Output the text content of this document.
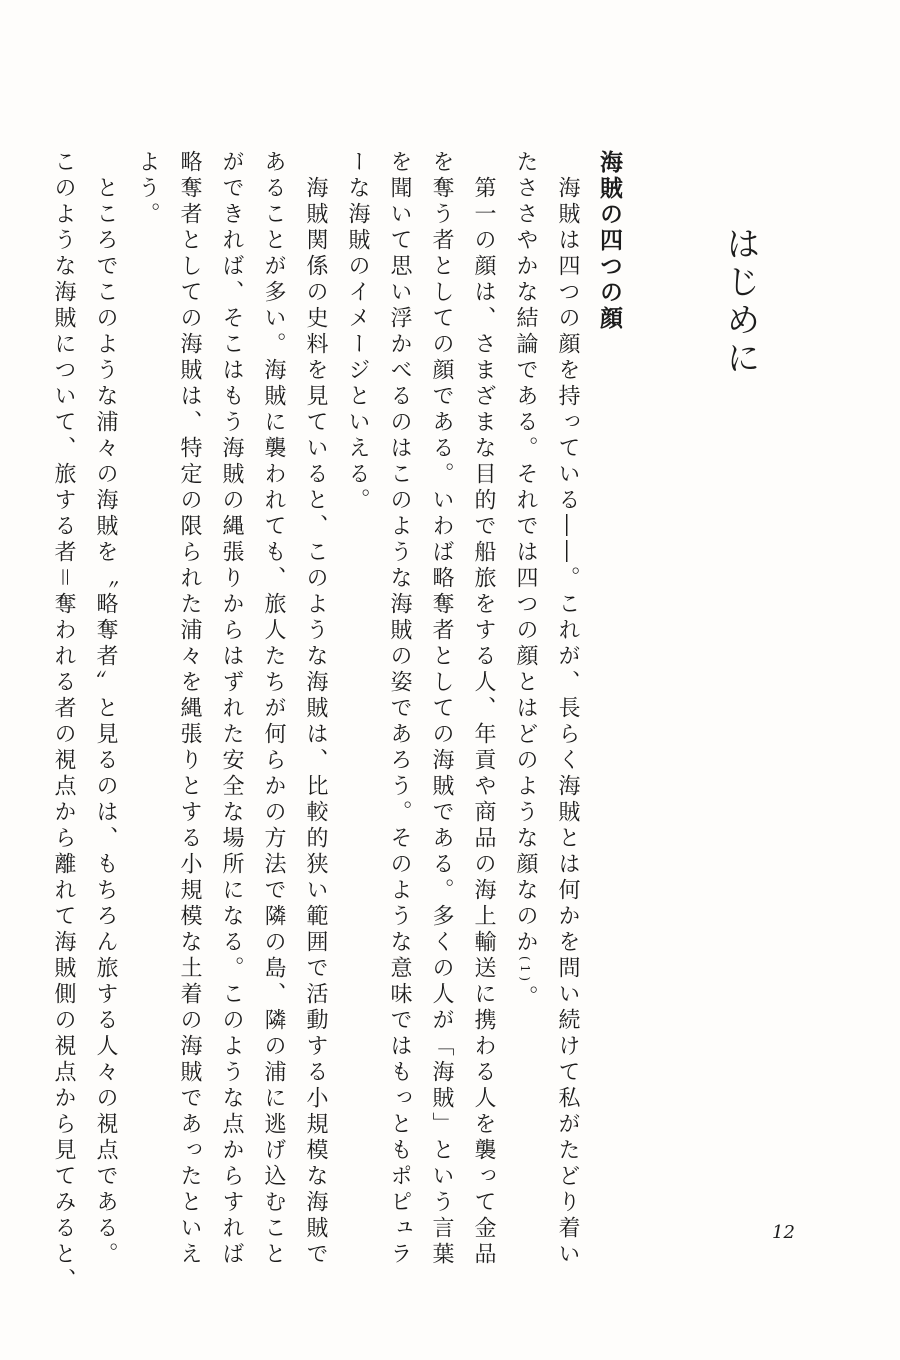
はじめに
海賊の四つの顔
　海賊は四つの顔を持っている――。これが、長らく海賊とは何かを問い続けて私がたどり着い
たささやかな結論である。それでは四つの顔とはどのような顔なのか(1)。
　第一の顔は、さまざまな目的で船旅をする人、年貢や商品の海上輸送に携わる人を襲って金品
を奪う者としての顔である。いわば略奪者としての海賊である。多くの人が「海賊」という言葉
を聞いて思い浮かべるのはこのような海賊の姿であろう。そのような意味ではもっともポピュラ
ーな海賊のイメージといえる。
　海賊関係の史料を見ていると、このような海賊は、比較的狭い範囲で活動する小規模な海賊で
あることが多い。海賊に襲われても、旅人たちが何らかの方法で隣の島、隣の浦に逃げ込むこと
ができれば、そこはもう海賊の縄張りからはずれた安全な場所になる。このような点からすれば
略奪者としての海賊は、特定の限られた浦々を縄張りとする小規模な土着の海賊であったといえ
よう。
　ところでこのような浦々の海賊を〝略奪者〟と見るのは、もちろん旅する人々の視点である。
このような海賊について、旅する者＝奪われる者の視点から離れて海賊側の視点から見てみると、	12
